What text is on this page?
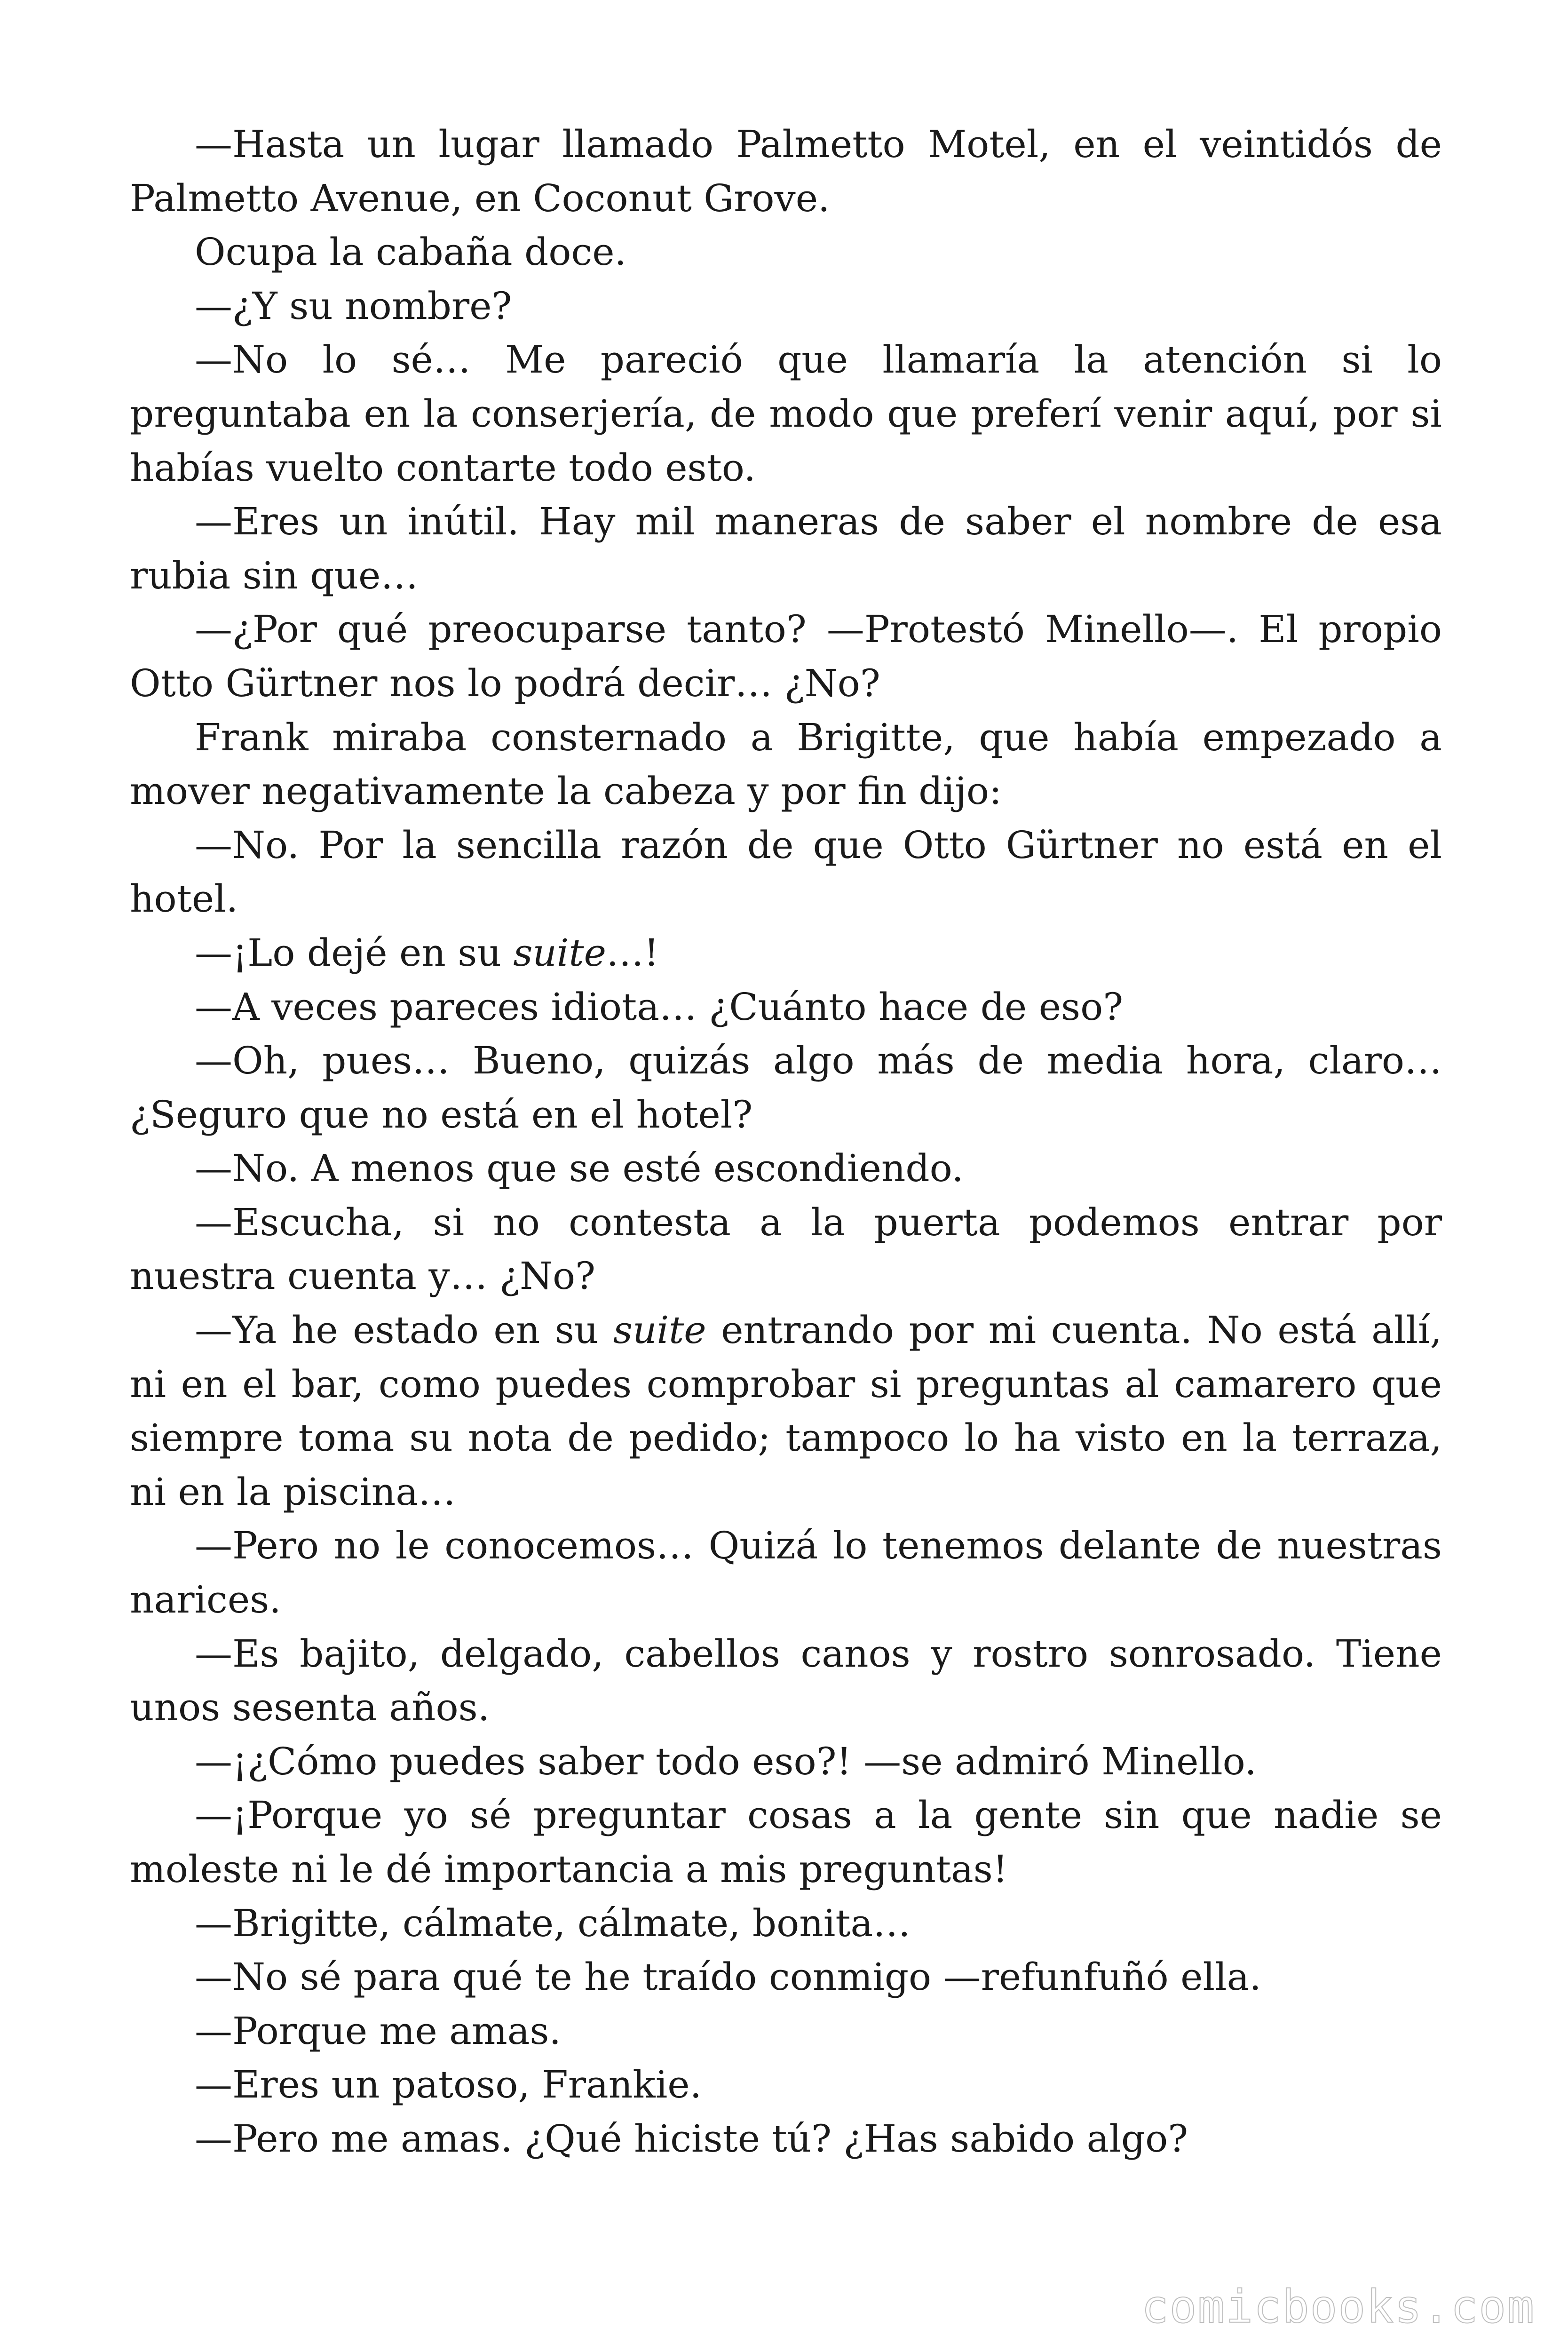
—Hasta un lugar llamado Palmetto Motel, en el veintidós de Palmetto Avenue, en Coconut Grove.

Ocupa la cabaña doce.

—¿Y su nombre?

—No lo sé… Me pareció que llamaría la atención si lo preguntaba en la conserjería, de modo que preferí venir aquí, por si habías vuelto contarte todo esto.

—Eres un inútil. Hay mil maneras de saber el nombre de esa rubia sin que…

—¿Por qué preocuparse tanto? —Protestó Minello—. El propio Otto Gürtner nos lo podrá decir… ¿No?

Frank miraba consternado a Brigitte, que había empezado a mover negativamente la cabeza y por fin dijo:

—No. Por la sencilla razón de que Otto Gürtner no está en el hotel.

—¡Lo dejé en su suite…!

—A veces pareces idiota… ¿Cuánto hace de eso?

—Oh, pues… Bueno, quizás algo más de media hora, claro… ¿Seguro que no está en el hotel?

—No. A menos que se esté escondiendo.

—Escucha, si no contesta a la puerta podemos entrar por nuestra cuenta y… ¿No?

—Ya he estado en su suite entrando por mi cuenta. No está allí, ni en el bar, como puedes comprobar si preguntas al camarero que siempre toma su nota de pedido; tampoco lo ha visto en la terraza, ni en la piscina…

—Pero no le conocemos… Quizá lo tenemos delante de nuestras narices.

—Es bajito, delgado, cabellos canos y rostro sonrosado. Tiene unos sesenta años.

—¡¿Cómo puedes saber todo eso?! —se admiró Minello.

—¡Porque yo sé preguntar cosas a la gente sin que nadie se moleste ni le dé importancia a mis preguntas!

—Brigitte, cálmate, cálmate, bonita…

—No sé para qué te he traído conmigo —refunfuñó ella.

—Porque me amas.

—Eres un patoso, Frankie.

—Pero me amas. ¿Qué hiciste tú? ¿Has sabido algo?

comicbooks.com
